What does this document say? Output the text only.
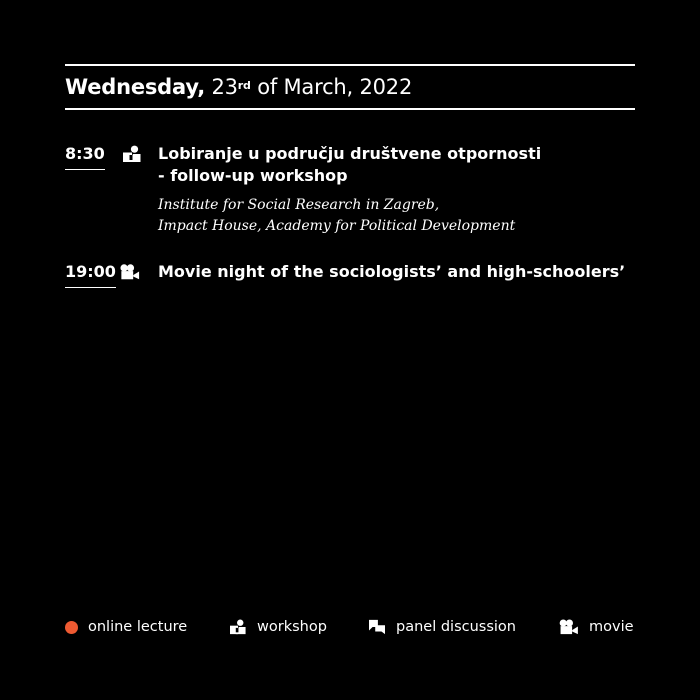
Wednesday, 23rd of March, 2022
8:30	Lobiranje u području društvene otpornosti
- follow-up workshop
Institute for Social Research in Zagreb,
Impact House, Academy for Political Development
19:00	Movie night of the sociologists’ and high-schoolers’
online lecture	workshop	panel discussion	movie
